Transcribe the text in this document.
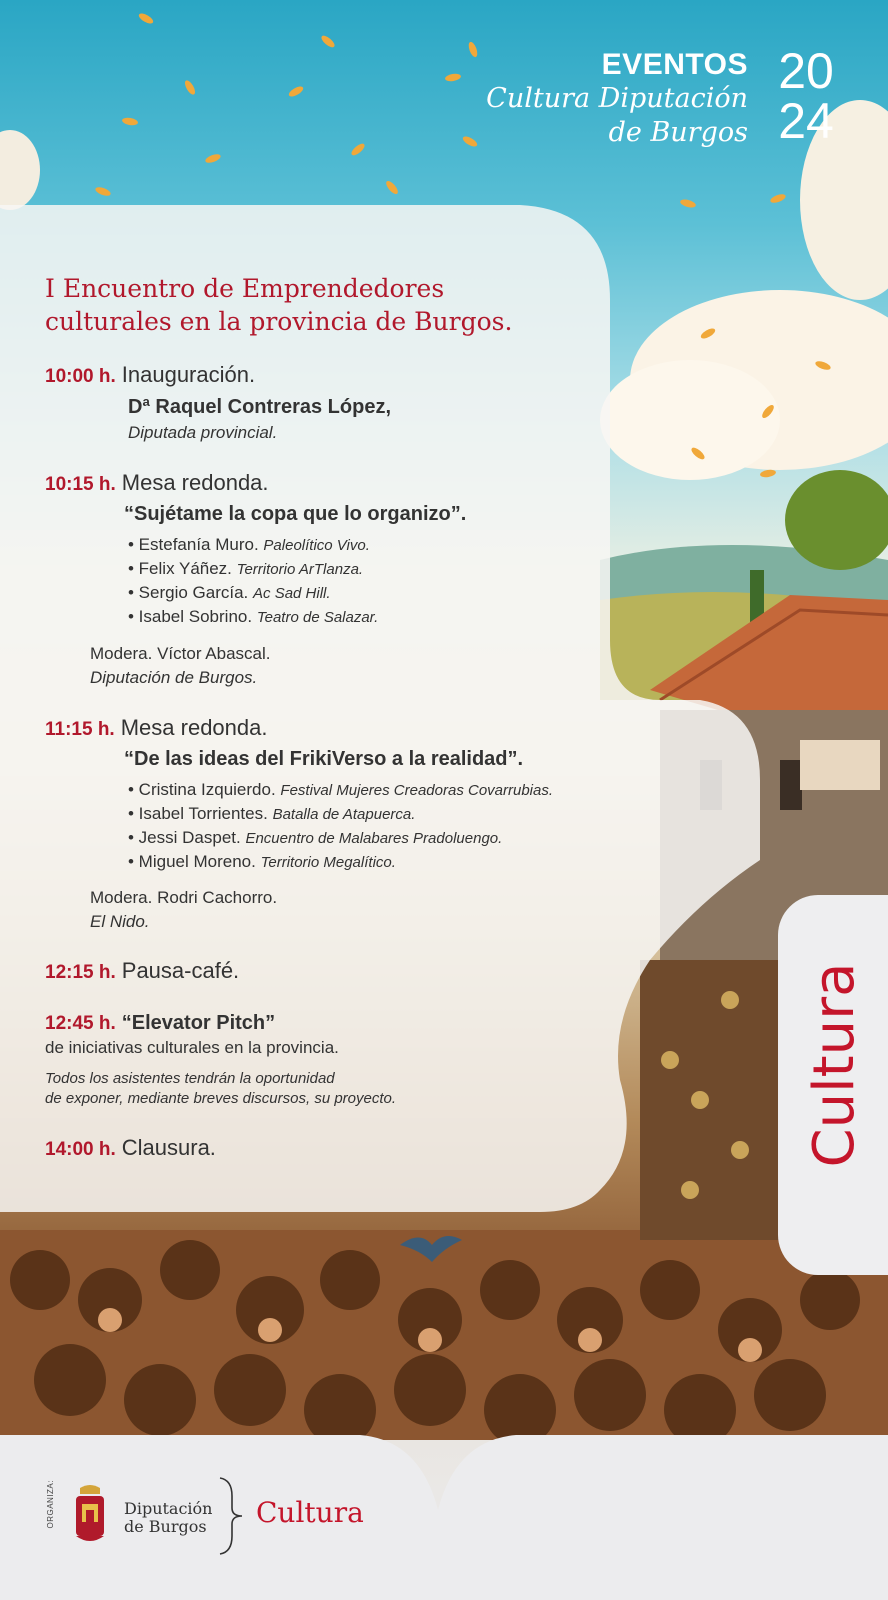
EVENTOS
Cultura Diputación
de Burgos
20
24
I Encuentro de Emprendedores
culturales en la provincia de Burgos.
10:00 h. Inauguración.
Dª Raquel Contreras López,
Diputada provincial.
10:15 h. Mesa redonda.
“Sujétame la copa que lo organizo”.
• Estefanía Muro. Paleolítico Vivo.
• Felix Yáñez. Territorio ArTlanza.
• Sergio García. Ac Sad Hill.
• Isabel Sobrino. Teatro de Salazar.
Modera. Víctor Abascal.
Diputación de Burgos.
11:15 h. Mesa redonda.
“De las ideas del FrikiVerso a la realidad”.
• Cristina Izquierdo. Festival Mujeres Creadoras Covarrubias.
• Isabel Torrientes. Batalla de Atapuerca.
• Jessi Daspet. Encuentro de Malabares Pradoluengo.
• Miguel Moreno. Territorio Megalítico.
Modera. Rodri Cachorro.
El Nido.
12:15 h. Pausa-café.
12:45 h. “Elevator Pitch”
de iniciativas culturales en la provincia.
Todos los asistentes tendrán la oportunidad
de exponer, mediante breves discursos, su proyecto.
14:00 h. Clausura.	Cultura
ORGANIZA:	Diputación
de Burgos Cultura
